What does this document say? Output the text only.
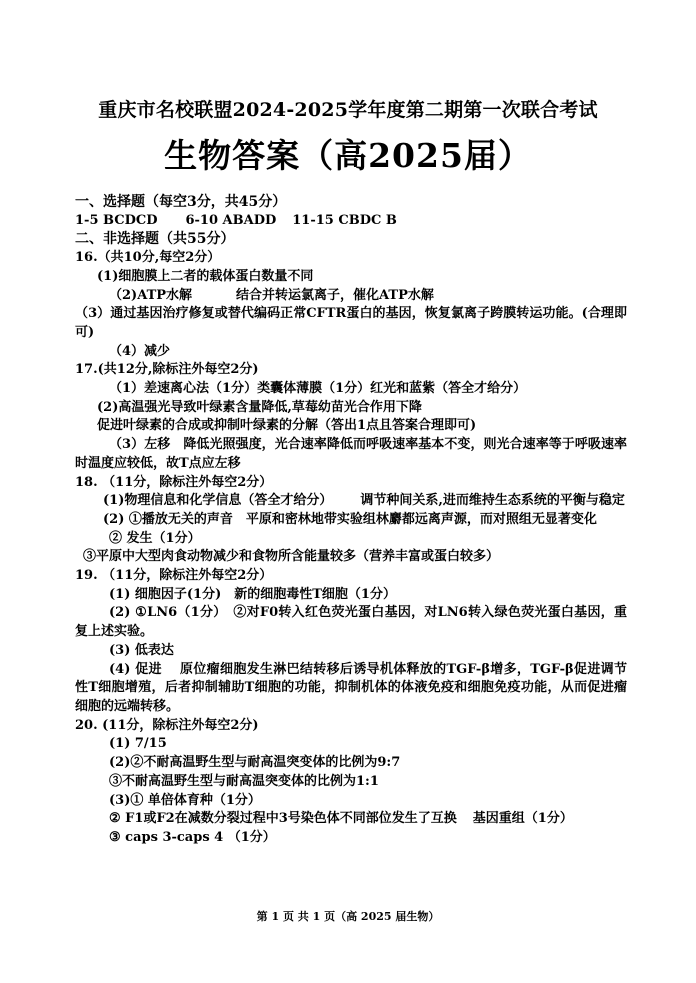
重庆市名校联盟2024-2025学年度第二期第一次联合考试
生物答案（高2025届）
一、选择题（每空3分，共45分）
1-5 BCDCD 6-10 ABADD 11-15 CBDC B
二、非选择题（共55分）
16.（共10分,每空2分）
(1)细胞膜上二者的载体蛋白数量不同
（2)ATP水解	结合并转运氯离子，催化ATP水解
（3）通过基因治疗修复或替代编码正常CFTR蛋白的基因，恢复氯离子跨膜转运功能。(合理即可)
（4）减少
17.(共12分,除标注外每空2分)
（1）差速离心法（1分）类囊体薄膜（1分）红光和蓝紫（答全才给分）
(2)高温强光导致叶绿素含量降低,草莓幼苗光合作用下降
促进叶绿素的合成或抑制叶绿素的分解（答出1点且答案合理即可)
（3）左移　降低光照强度，光合速率降低而呼吸速率基本不变，则光合速率等于呼吸速率时温度应较低，故T点应左移
18. （11分，除标注外每空2分）
(1)物理信息和化学信息（答全才给分） 调节种间关系,进而维持生态系统的平衡与稳定
(2) ①播放无关的声音　平原和密林地带实验组林麝都远离声源，而对照组无显著变化
② 发生（1分）
③平原中大型肉食动物减少和食物所含能量较多（营养丰富或蛋白较多）
19. （11分，除标注外每空2分）
(1) 细胞因子(1分)　新的细胞毒性T细胞（1分）
(2) ①LN6（1分）　②对F0转入红色荧光蛋白基因，对LN6转入绿色荧光蛋白基因，重复上述实验。
(3) 低表达
(4) 促进　 原位瘤细胞发生淋巴结转移后诱导机体释放的TGF-β增多，TGF-β促进调节性T细胞增殖，后者抑制辅助T细胞的功能，抑制机体的体液免疫和细胞免疫功能，从而促进瘤细胞的远端转移。
20. (11分，除标注外每空2分)
(1) 7/15
(2)②不耐高温野生型与耐高温突变体的比例为9:7
③不耐高温野生型与耐高温突变体的比例为1:1
(3)① 单倍体育种（1分）
② F1或F2在减数分裂过程中3号染色体不同部位发生了互换 基因重组（1分）
③ caps 3-caps 4 （1分）
第 1 页 共 1 页（高 2025 届生物）
